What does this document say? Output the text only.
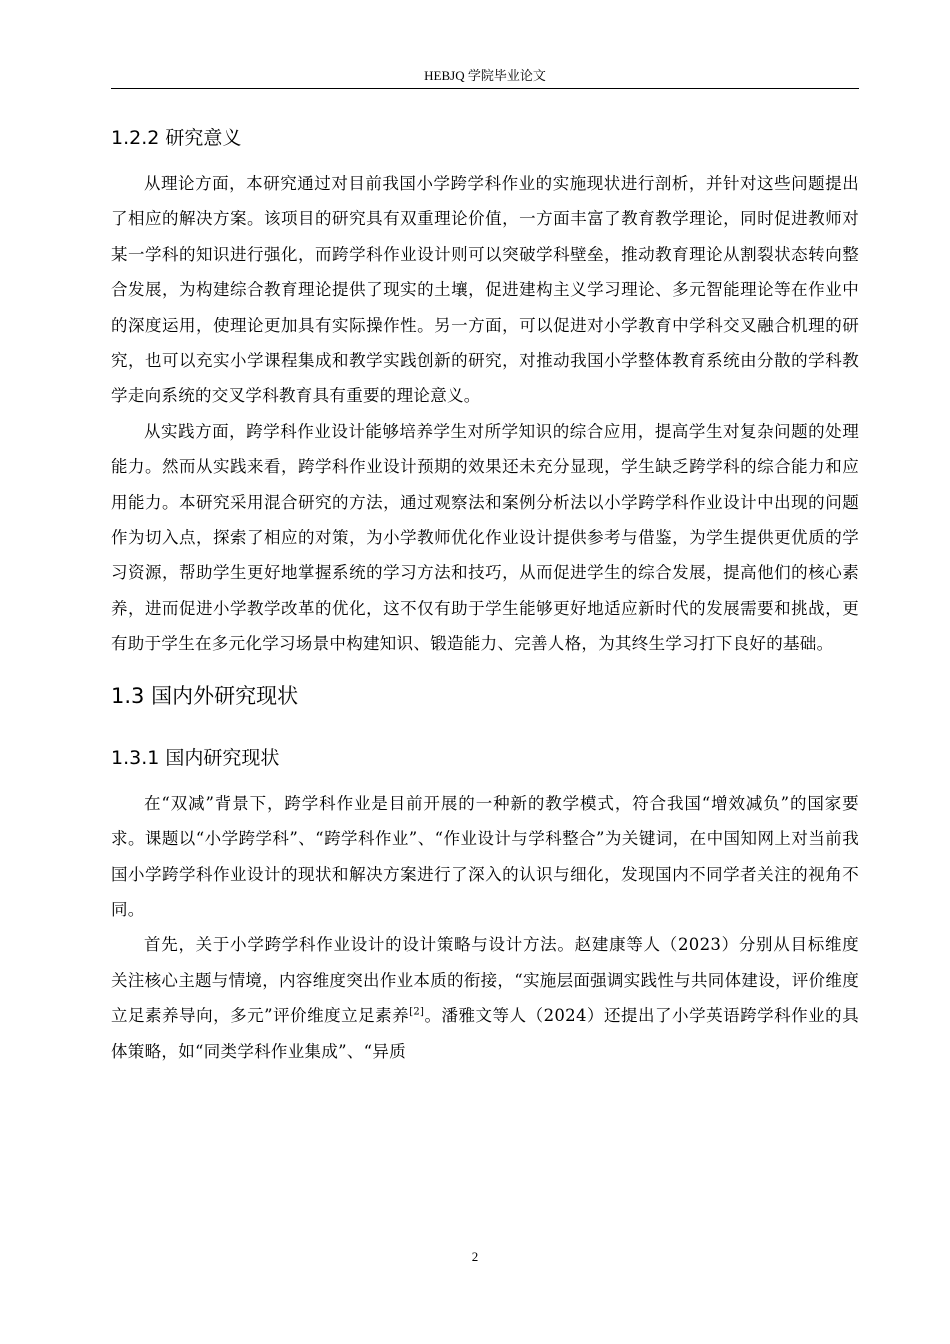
HEBJQ 学院毕业论文
1.2.2 研究意义

从理论方面，本研究通过对目前我国小学跨学科作业的实施现状进行剖析，并针对这些问题提出了相应的解决方案。该项目的研究具有双重理论价值，一方面丰富了教育教学理论，同时促进教师对某一学科的知识进行强化，而跨学科作业设计则可以突破学科壁垒，推动教育理论从割裂状态转向整合发展，为构建综合教育理论提供了现实的土壤，促进建构主义学习理论、多元智能理论等在作业中的深度运用，使理论更加具有实际操作性。另一方面，可以促进对小学教育中学科交叉融合机理的研究，也可以充实小学课程集成和教学实践创新的研究，对推动我国小学整体教育系统由分散的学科教学走向系统的交叉学科教育具有重要的理论意义。

从实践方面，跨学科作业设计能够培养学生对所学知识的综合应用，提高学生对复杂问题的处理能力。然而从实践来看，跨学科作业设计预期的效果还未充分显现，学生缺乏跨学科的综合能力和应用能力。本研究采用混合研究的方法，通过观察法和案例分析法以小学跨学科作业设计中出现的问题作为切入点，探索了相应的对策，为小学教师优化作业设计提供参考与借鉴，为学生提供更优质的学习资源，帮助学生更好地掌握系统的学习方法和技巧，从而促进学生的综合发展，提高他们的核心素养，进而促进小学教学改革的优化，这不仅有助于学生能够更好地适应新时代的发展需要和挑战，更有助于学生在多元化学习场景中构建知识、锻造能力、完善人格，为其终生学习打下良好的基础。

1.3 国内外研究现状
1.3.1 国内研究现状

在“双减”背景下，跨学科作业是目前开展的一种新的教学模式，符合我国“增效减负”的国家要求。课题以“小学跨学科”、“跨学科作业”、“作业设计与学科整合”为关键词，在中国知网上对当前我国小学跨学科作业设计的现状和解决方案进行了深入的认识与细化，发现国内不同学者关注的视角不同。

首先，关于小学跨学科作业设计的设计策略与设计方法。赵建康等人（2023）分别从目标维度关注核心主题与情境，内容维度突出作业本质的衔接，“实施层面强调实践性与共同体建设，评价维度立足素养导向，多元”评价维度立足素养[2]。潘雅文等人（2024）还提出了小学英语跨学科作业的具体策略，如“同类学科作业集成”、“异质

2
